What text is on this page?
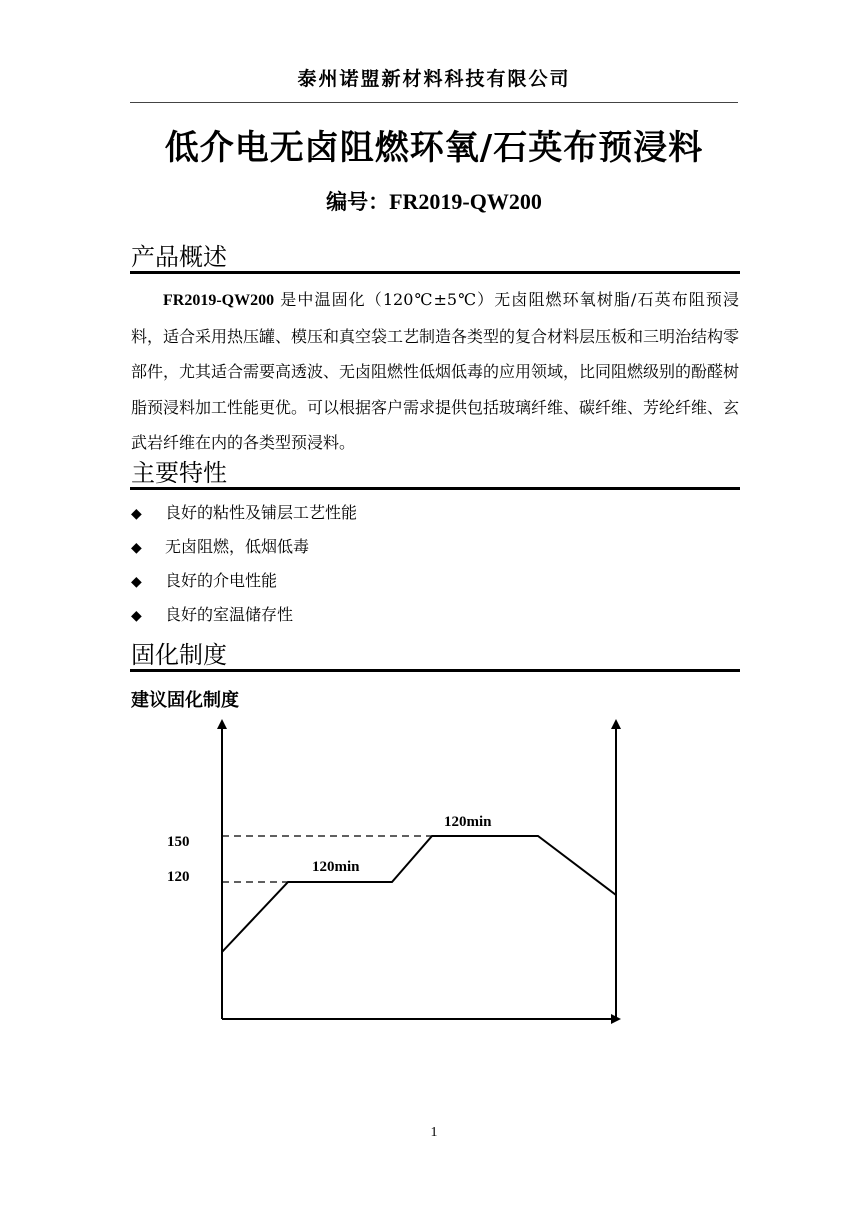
泰州诺盟新材料科技有限公司
低介电无卤阻燃环氧/石英布预浸料
编号：FR2019-QW200
产品概述
FR2019-QW200 是中温固化（120℃±5℃）无卤阻燃环氧树脂/石英布阻预浸料，适合采用热压罐、模压和真空袋工艺制造各类型的复合材料层压板和三明治结构零部件，尤其适合需要高透波、无卤阻燃性低烟低毒的应用领域，比同阻燃级别的酚醛树脂预浸料加工性能更优。可以根据客户需求提供包括玻璃纤维、碳纤维、芳纶纤维、玄武岩纤维在内的各类型预浸料。
主要特性
◆ 良好的粘性及铺层工艺性能
◆ 无卤阻燃，低烟低毒
◆ 良好的介电性能
◆ 良好的室温储存性
固化制度
建议固化制度
150
120
120min
120min
1
